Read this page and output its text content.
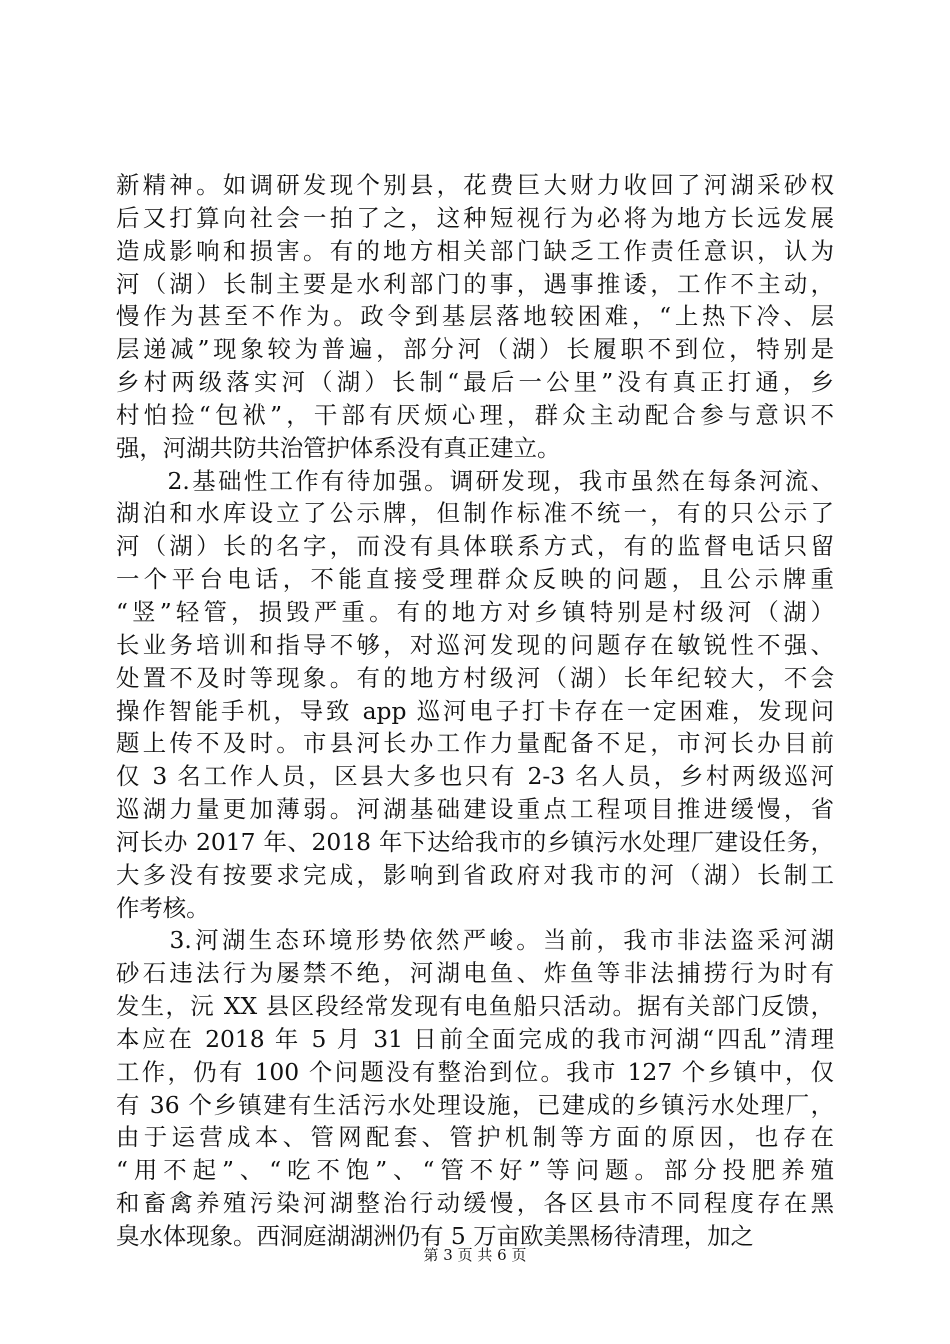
新精神。如调研发现个别县，花费巨大财力收回了河湖采砂权
后又打算向社会一拍了之，这种短视行为必将为地方长远发展
造成影响和损害。有的地方相关部门缺乏工作责任意识，认为
河（湖）长制主要是水利部门的事，遇事推诿，工作不主动，
慢作为甚至不作为。政令到基层落地较困难，“上热下冷、层
层递减”现象较为普遍，部分河（湖）长履职不到位，特别是
乡村两级落实河（湖）长制“最后一公里”没有真正打通，乡
村怕捡“包袱”，干部有厌烦心理，群众主动配合参与意识不
强，河湖共防共治管护体系没有真正建立。
　　2.基础性工作有待加强。调研发现，我市虽然在每条河流、
湖泊和水库设立了公示牌，但制作标准不统一，有的只公示了
河（湖）长的名字，而没有具体联系方式，有的监督电话只留
一个平台电话，不能直接受理群众反映的问题，且公示牌重
“竖”轻管，损毁严重。有的地方对乡镇特别是村级河（湖）
长业务培训和指导不够，对巡河发现的问题存在敏锐性不强、
处置不及时等现象。有的地方村级河（湖）长年纪较大，不会
操作智能手机，导致 app 巡河电子打卡存在一定困难，发现问
题上传不及时。市县河长办工作力量配备不足，市河长办目前
仅 3 名工作人员，区县大多也只有 2-3 名人员，乡村两级巡河
巡湖力量更加薄弱。河湖基础建设重点工程项目推进缓慢，省
河长办 2017 年、2018 年下达给我市的乡镇污水处理厂建设任务，
大多没有按要求完成，影响到省政府对我市的河（湖）长制工
作考核。
　　3.河湖生态环境形势依然严峻。当前，我市非法盗采河湖
砂石违法行为屡禁不绝，河湖电鱼、炸鱼等非法捕捞行为时有
发生，沅 XX 县区段经常发现有电鱼船只活动。据有关部门反馈，
本应在 2018 年 5 月 31 日前全面完成的我市河湖“四乱”清理
工作，仍有 100 个问题没有整治到位。我市 127 个乡镇中，仅
有 36 个乡镇建有生活污水处理设施，已建成的乡镇污水处理厂，
由于运营成本、管网配套、管护机制等方面的原因，也存在
“用不起”、“吃不饱”、“管不好”等问题。部分投肥养殖
和畜禽养殖污染河湖整治行动缓慢，各区县市不同程度存在黑
臭水体现象。西洞庭湖湖洲仍有 5 万亩欧美黑杨待清理，加之
第 3 页 共 6 页
